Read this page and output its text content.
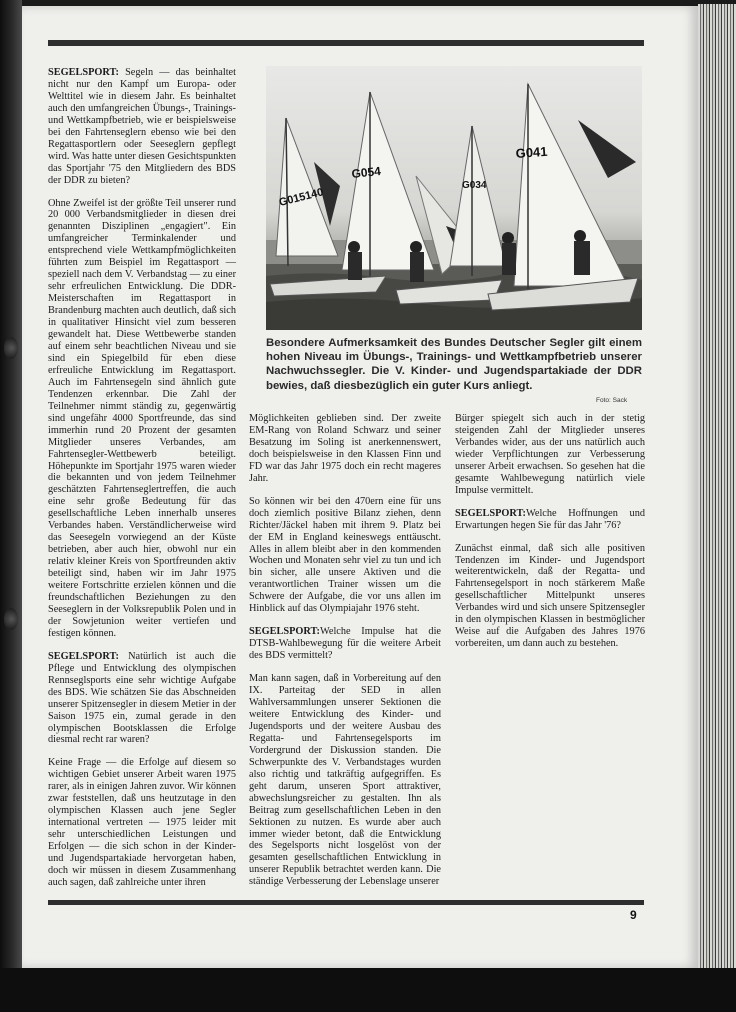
G015140
G054
G034
G041
Besondere Aufmerksamkeit des Bundes Deutscher Segler gilt einem hohen Niveau im Übungs-, Trainings- und Wettkampfbetrieb unserer Nachwuchssegler. Die V. Kinder- und Jugendspartakiade der DDR bewies, daß diesbezüglich ein guter Kurs anliegt.
Foto: Sack

SEGELSPORT: Segeln — das beinhaltet nicht nur den Kampf um Europa- oder Welttitel wie in diesem Jahr. Es beinhaltet auch den umfangreichen Übungs-, Trainings- und Wettkampfbetrieb, wie er beispielsweise bei den Fahrtenseglern ebenso wie bei den Regattasportlern oder Seeseglern gepflegt wird. Was hatte unter diesen Gesichtspunkten das Sportjahr '75 den Mitgliedern des BDS der DDR zu bieten?

Ohne Zweifel ist der größte Teil unserer rund 20 000 Verbandsmitglieder in diesen drei genannten Disziplinen „engagiert". Ein umfangreicher Terminkalender und entsprechend viele Wettkampfmöglichkeiten führten zum Beispiel im Regattasport — speziell nach dem V. Verbandstag — zu einer sehr erfreulichen Entwicklung. Die DDR-Meisterschaften im Regattasport in Brandenburg machten auch deutlich, daß sich in qualitativer Hinsicht viel zum besseren gewandelt hat. Diese Wettbewerbe standen auf einem sehr beachtlichen Niveau und sie sind ein Spiegelbild für eben diese erfreuliche Entwicklung im Regattasport. Auch im Fahrtensegeln sind ähnlich gute Tendenzen erkennbar. Die Zahl der Teilnehmer nimmt ständig zu, gegenwärtig sind ungefähr 4000 Sportfreunde, das sind immerhin rund 20 Prozent der gesamten Mitglieder unseres Verbandes, am Fahrtensegler-Wettbewerb beteiligt. Höhepunkte im Sportjahr 1975 waren wieder die bekannten und von jedem Teilnehmer geschätzten Fahrtenseglertreffen, die auch eine sehr große Bedeutung für das gesellschaftliche Leben innerhalb unseres Verbandes haben. Verständlicherweise wird das Seesegeln vorwiegend an der Küste betrieben, aber auch hier, obwohl nur ein relativ kleiner Kreis von Sportfreunden aktiv beteiligt sind, haben wir im Jahr 1975 weitere Fortschritte erzielen können und die freundschaftlichen Beziehungen zu den Seeseglern in der Volksrepublik Polen und in der Sowjetunion weiter vertiefen und festigen können.

SEGELSPORT: Natürlich ist auch die Pflege und Entwicklung des olympischen Rennseglsports eine sehr wichtige Aufgabe des BDS. Wie schätzen Sie das Abschneiden unserer Spitzensegler in diesem Metier in der Saison 1975 ein, zumal gerade in den olympischen Bootsklassen die Erfolge diesmal recht rar waren?

Keine Frage — die Erfolge auf diesem so wichtigen Gebiet unserer Arbeit waren 1975 rarer, als in einigen Jahren zuvor. Wir können zwar feststellen, daß uns heutzutage in den olympischen Klassen auch jene Segler international vertreten — 1975 leider mit sehr unterschiedlichen Leistungen und Erfolgen — die sich schon in der Kinder- und Jugendspartakiade hervorgetan haben, doch wir müssen in diesem Zusammenhang auch sagen, daß zahlreiche unter ihren

Möglichkeiten geblieben sind. Der zweite EM-Rang von Roland Schwarz und seiner Besatzung im Soling ist anerkennenswert, doch beispielsweise in den Klassen Finn und FD war das Jahr 1975 doch ein recht mageres Jahr.

So können wir bei den 470ern eine für uns doch ziemlich positive Bilanz ziehen, denn Richter/Jäckel haben mit ihrem 9. Platz bei der EM in England keineswegs enttäuscht. Alles in allem bleibt aber in den kommenden Wochen und Monaten sehr viel zu tun und ich bin sicher, alle unsere Aktiven und die verantwortlichen Trainer wissen um die Schwere der Aufgabe, die vor uns allen im Hinblick auf das Olympiajahr 1976 steht.

SEGELSPORT:Welche Impulse hat die DTSB-Wahlbewegung für die weitere Arbeit des BDS vermittelt?

Man kann sagen, daß in Vorbereitung auf den IX. Parteitag der SED in allen Wahlversammlungen unserer Sektionen die weitere Entwicklung des Kinder- und Jugendsports und der weitere Ausbau des Regatta- und Fahrtensegelsports im Vordergrund der Diskussion standen. Die Schwerpunkte des V. Verbandstages wurden also richtig und tatkräftig aufgegriffen. Es geht darum, unseren Sport attraktiver, abwechslungsreicher zu gestalten. Ihn als Beitrag zum gesellschaftlichen Leben in den Sektionen zu nutzen. Es wurde aber auch immer wieder betont, daß die Entwicklung des Segelsports nicht losgelöst von der gesamten gesellschaftlichen Entwicklung in unserer Republik betrachtet werden kann. Die ständige Verbesserung der Lebenslage unserer

Bürger spiegelt sich auch in der stetig steigenden Zahl der Mitglieder unseres Verbandes wider, aus der uns natürlich auch wieder Verpflichtungen zur Verbesserung unserer Arbeit erwachsen. So gesehen hat die gesamte Wahlbewegung natürlich viele Impulse vermittelt.

SEGELSPORT:Welche Hoffnungen und Erwartungen hegen Sie für das Jahr '76?

Zunächst einmal, daß sich alle positiven Tendenzen im Kinder- und Jugendsport weiterentwickeln, daß der Regatta- und Fahrtensegelsport in noch stärkerem Maße gesellschaftlicher Mittelpunkt unseres Verbandes wird und sich unsere Spitzensegler in den olympischen Klassen in bestmöglicher Weise auf die Aufgaben des Jahres 1976 vorbereiten, um dann auch zu bestehen.

9
